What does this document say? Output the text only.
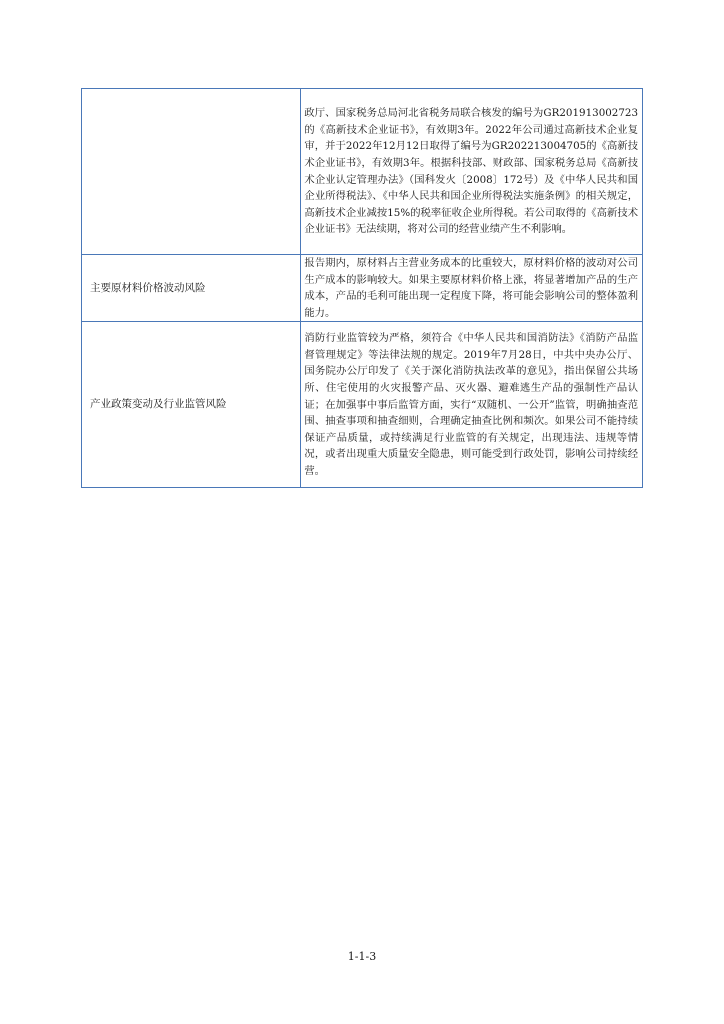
	政厅、国家税务总局河北省税务局联合核发的编号为GR201913002723的《高新技术企业证书》，有效期3年。2022年公司通过高新技术企业复审，并于2022年12月12日取得了编号为GR202213004705的《高新技术企业证书》，有效期3年。根据科技部、财政部、国家税务总局《高新技术企业认定管理办法》（国科发火〔2008〕172号）及《中华人民共和国企业所得税法》、《中华人民共和国企业所得税法实施条例》的相关规定，高新技术企业减按15%的税率征收企业所得税。若公司取得的《高新技术企业证书》无法续期，将对公司的经营业绩产生不利影响。

主要原材料价格波动风险	报告期内，原材料占主营业务成本的比重较大，原材料价格的波动对公司生产成本的影响较大。如果主要原材料价格上涨，将显著增加产品的生产成本，产品的毛利可能出现一定程度下降，将可能会影响公司的整体盈利能力。

产业政策变动及行业监管风险	消防行业监管较为严格，须符合《中华人民共和国消防法》《消防产品监督管理规定》等法律法规的规定。2019年7月28日，中共中央办公厅、国务院办公厅印发了《关于深化消防执法改革的意见》，指出保留公共场所、住宅使用的火灾报警产品、灭火器、避难逃生产品的强制性产品认证；在加强事中事后监管方面，实行“双随机、一公开”监管，明确抽查范围、抽查事项和抽查细则，合理确定抽查比例和频次。如果公司不能持续保证产品质量，或持续满足行业监管的有关规定，出现违法、违规等情况，或者出现重大质量安全隐患，则可能受到行政处罚，影响公司持续经营。
1-1-3
